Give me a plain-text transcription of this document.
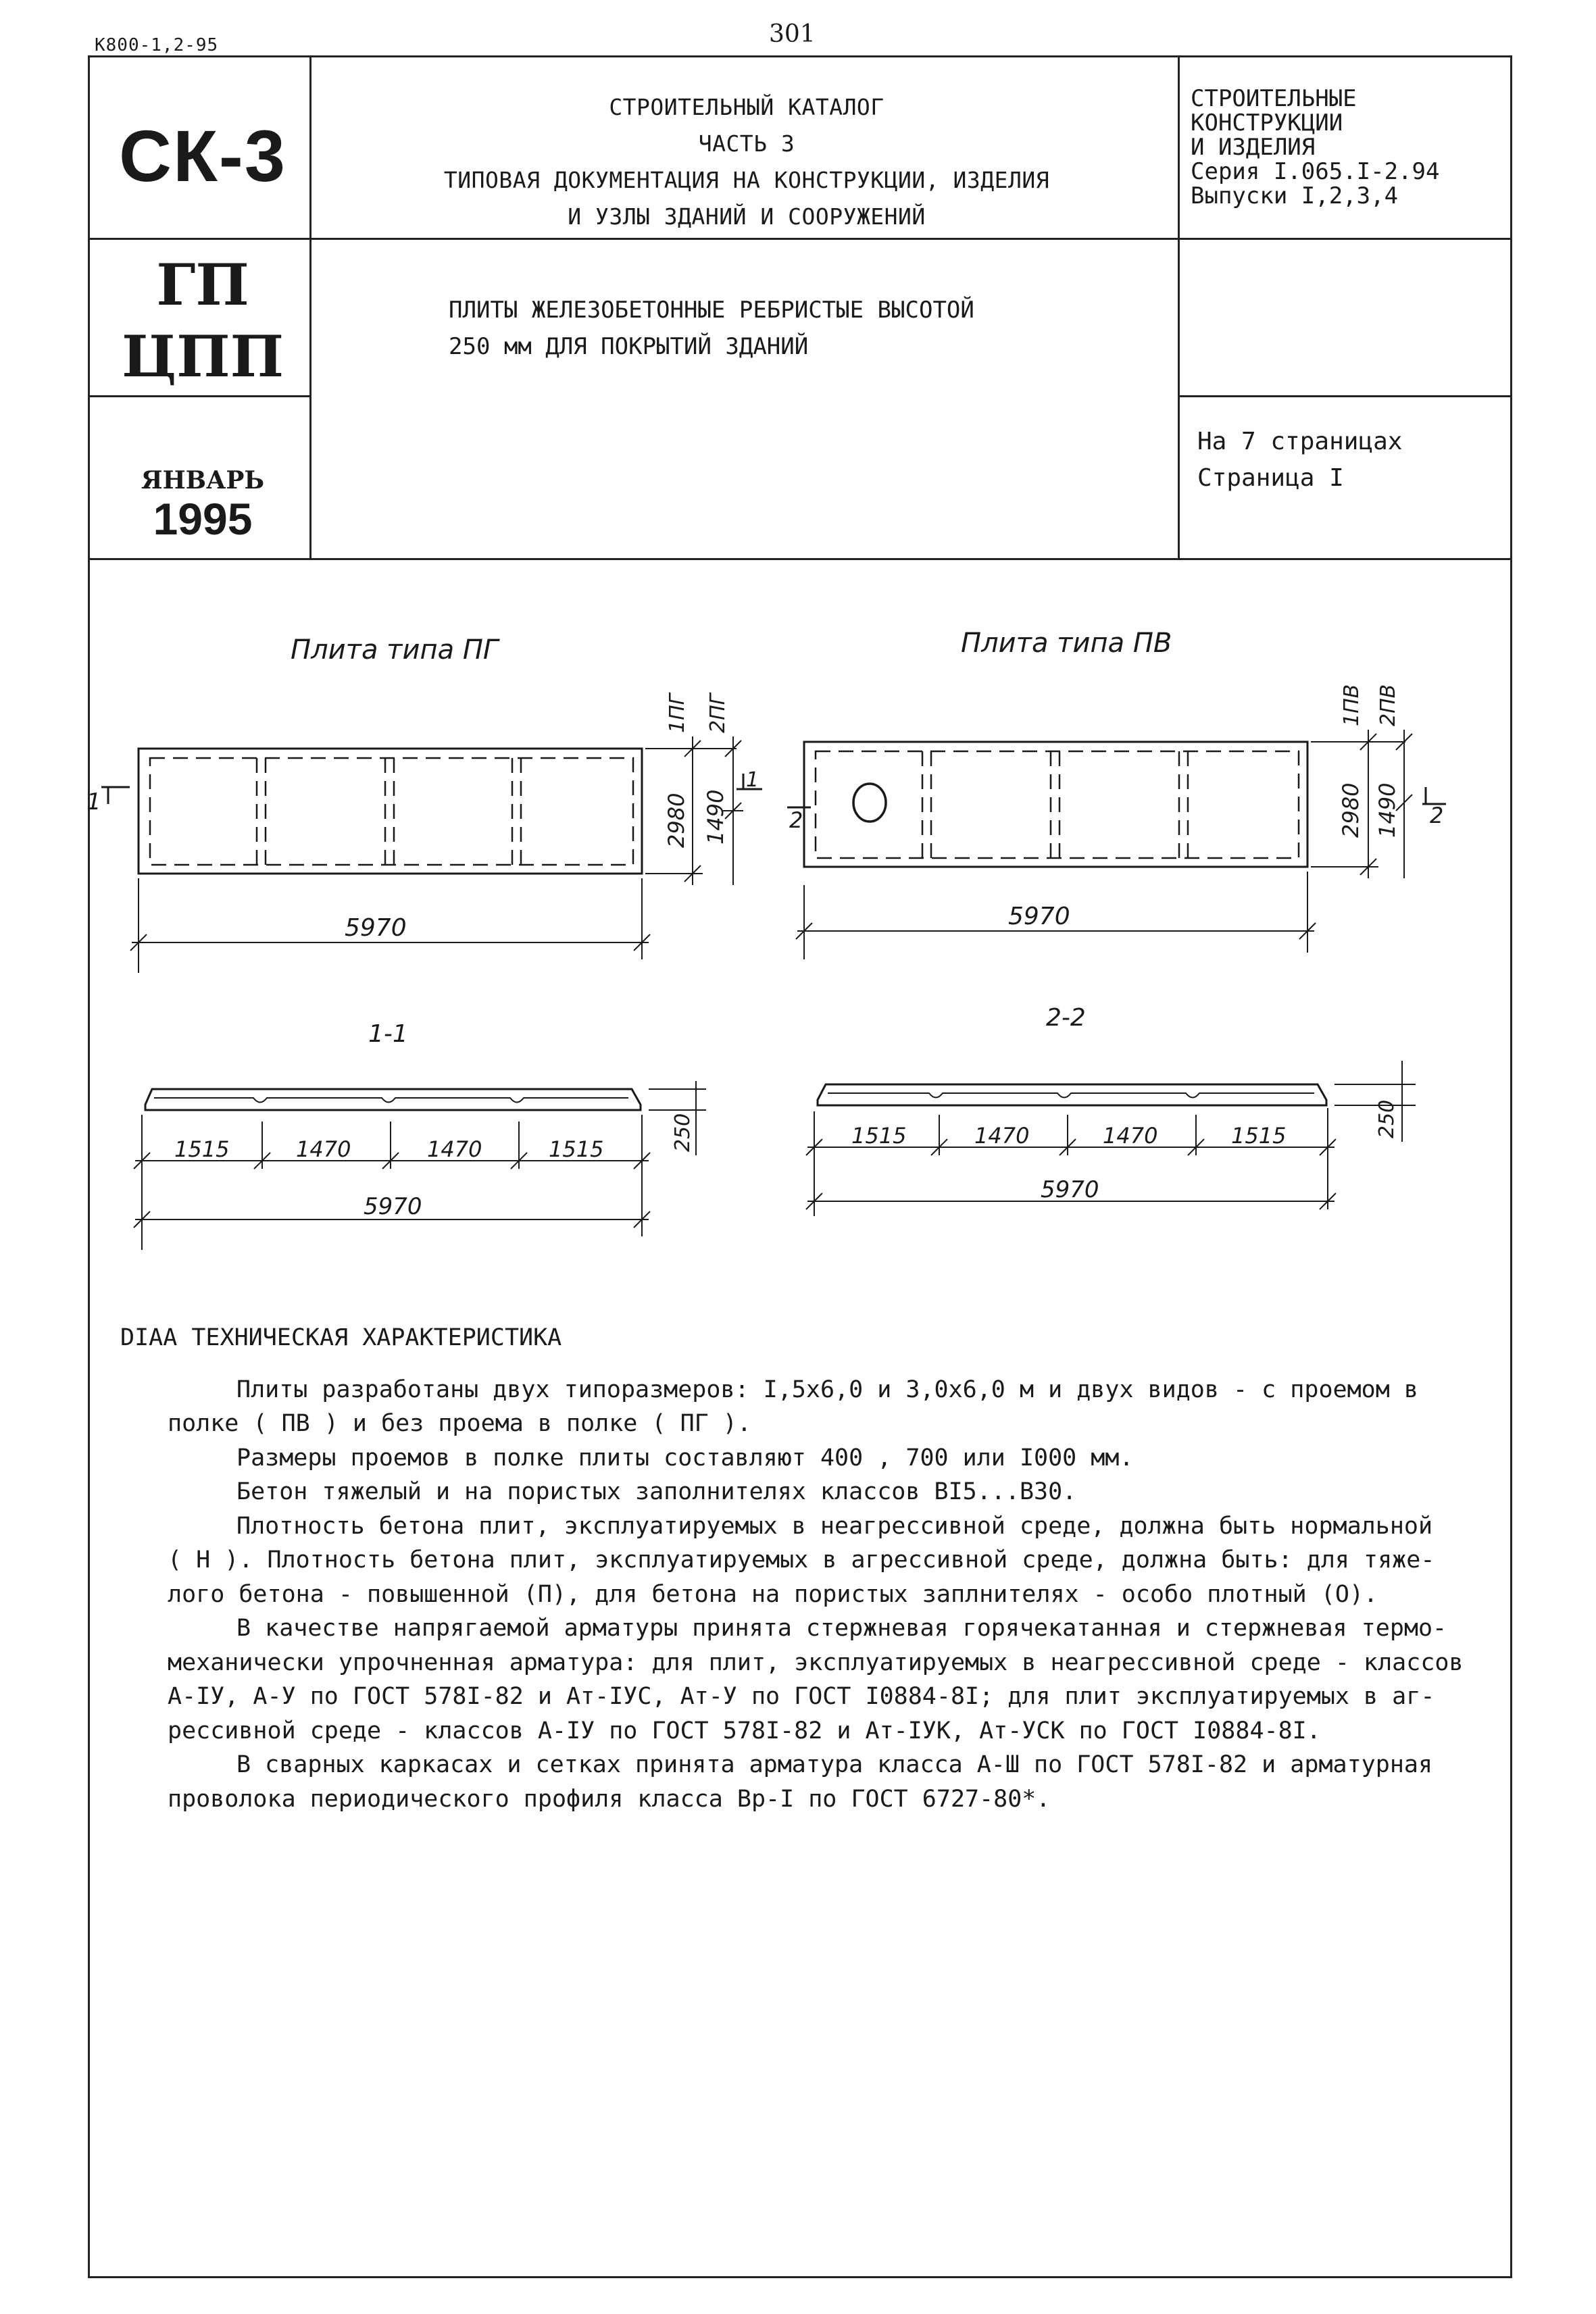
К800-1,2-95	301
СК-3
ГП
ЦПП
ЯНВАРЬ
1995
СТРОИТЕЛЬНЫЙ КАТАЛОГ
ЧАСТЬ 3
ТИПОВАЯ ДОКУМЕНТАЦИЯ НА КОНСТРУКЦИИ, ИЗДЕЛИЯ
И УЗЛЫ ЗДАНИЙ И СООРУЖЕНИЙ
СТРОИТЕЛЬНЫЕ
КОНСТРУКЦИИ
И ИЗДЕЛИЯ
Серия I.065.I-2.94
Выпуски I,2,3,4
ПЛИТЫ ЖЕЛЕЗОБЕТОННЫЕ РЕБРИСТЫЕ ВЫСОТОЙ
250 мм ДЛЯ ПОКРЫТИЙ ЗДАНИЙ
На 7 страницах
Страница I
Плита типа ПГ	Плита типа ПВ
5970
2980 1490
1ПГ 2ПГ
1
1
5970
2980 1490
1ПВ 2ПВ
2	2
1-1
1515	1470	1470	1515
5970
250
2-2
1515	1470	1470	1515
5970
250
DIAA ТЕХНИЧЕСКАЯ ХАРАКТЕРИСТИКА
Плиты разработаны двух типоразмеров: I,5х6,0 и 3,0х6,0 м и двух видов - с проемом в
полке ( ПВ ) и без проема в полке ( ПГ ).
Размеры проемов в полке плиты составляют 400 , 700 или I000 мм.
Бетон тяжелый и на пористых заполнителях классов ВI5...В30.
Плотность бетона плит, эксплуатируемых в неагрессивной среде, должна быть нормальной
( Н ). Плотность бетона плит, эксплуатируемых в агрессивной среде, должна быть: для тяже-
лого бетона - повышенной (П), для бетона на пористых заплнителях - особо плотный (О).
В качестве напрягаемой арматуры принята стержневая горячекатанная и стержневая термо-
механически упрочненная арматура: для плит, эксплуатируемых в неагрессивной среде - классов
А-IУ, А-У по ГОСТ 578I-82 и Ат-IУС, Ат-У по ГОСТ I0884-8I; для плит эксплуатируемых в аг-
рессивной среде - классов А-IУ по ГОСТ 578I-82 и Ат-IУК, Ат-УСК по ГОСТ I0884-8I.
В сварных каркасах и сетках принята арматура класса А-Ш по ГОСТ 578I-82 и арматурная
проволока периодического профиля класса Вр-I по ГОСТ 6727-80*.
